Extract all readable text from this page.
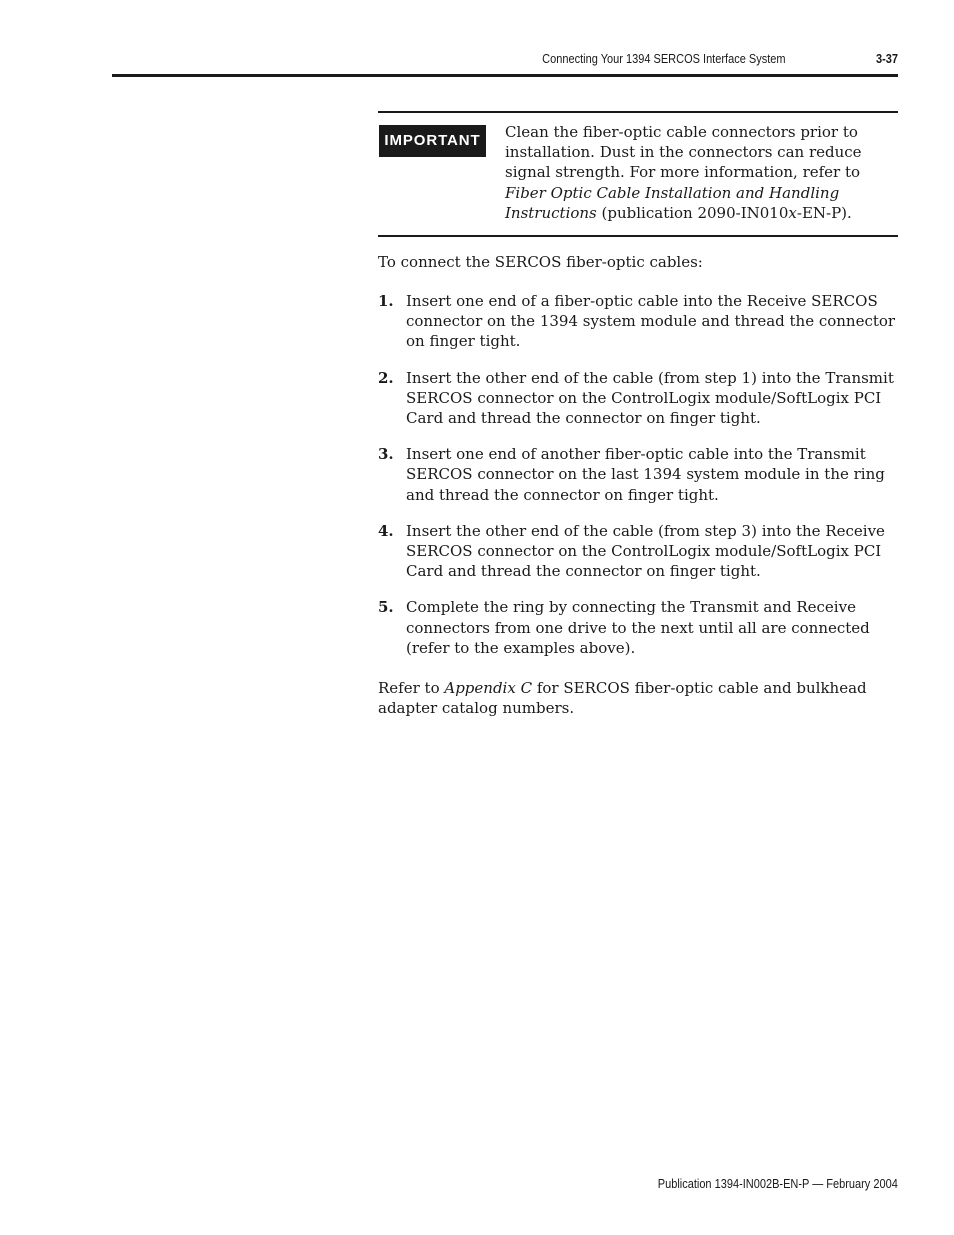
Connecting Your 1394 SERCOS Interface System	3-37
IMPORTANT	Clean the fiber-optic cable connectors prior to installation. Dust in the connectors can reduce signal strength. For more information, refer to Fiber Optic Cable Installation and Handling Instructions (publication 2090-IN010x-EN-P).

To connect the SERCOS fiber-optic cables:

1. Insert one end of a fiber-optic cable into the Receive SERCOS connector on the 1394 system module and thread the connector on finger tight.
2. Insert the other end of the cable (from step 1) into the Transmit SERCOS connector on the ControlLogix module/SoftLogix PCI Card and thread the connector on finger tight.
3. Insert one end of another fiber-optic cable into the Transmit SERCOS connector on the last 1394 system module in the ring and thread the connector on finger tight.
4. Insert the other end of the cable (from step 3) into the Receive SERCOS connector on the ControlLogix module/SoftLogix PCI Card and thread the connector on finger tight.
5. Complete the ring by connecting the Transmit and Receive connectors from one drive to the next until all are connected (refer to the examples above).

Refer to Appendix C for SERCOS fiber-optic cable and bulkhead adapter catalog numbers.

Publication 1394-IN002B-EN-P — February 2004
